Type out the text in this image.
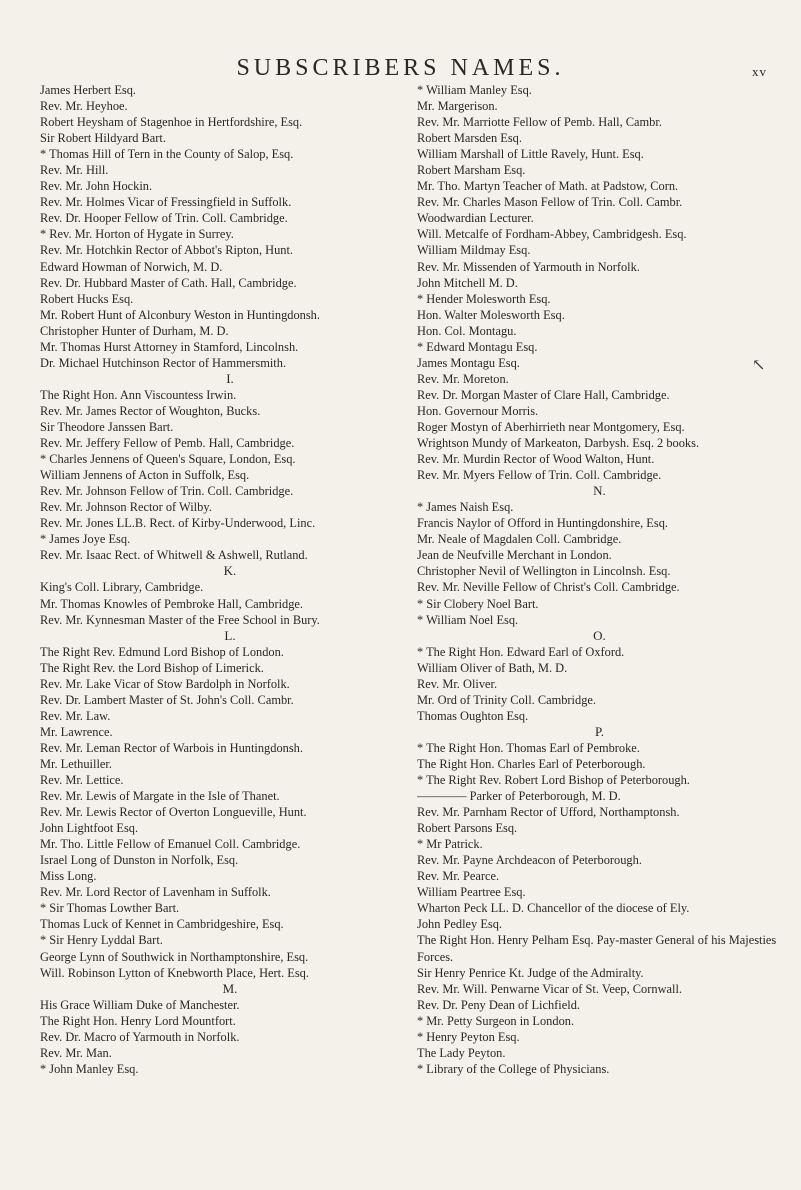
SUBSCRIBERS NAMES.	xv
↖
James Herbert Esq.
Rev. Mr. Heyhoe.
Robert Heysham of Stagenhoe in Hertfordshire, Esq.
Sir Robert Hildyard Bart.
* Thomas Hill of Tern in the County of Salop, Esq.
Rev. Mr. Hill.
Rev. Mr. John Hockin.
Rev. Mr. Holmes Vicar of Fressingfield in Suffolk.
Rev. Dr. Hooper Fellow of Trin. Coll. Cambridge.
* Rev. Mr. Horton of Hygate in Surrey.
Rev. Mr. Hotchkin Rector of Abbot's Ripton, Hunt.
Edward Howman of Norwich, M. D.
Rev. Dr. Hubbard Master of Cath. Hall, Cambridge.
Robert Hucks Esq.
Mr. Robert Hunt of Alconbury Weston in Huntingdonsh.
Christopher Hunter of Durham, M. D.
Mr. Thomas Hurst Attorney in Stamford, Lincolnsh.
Dr. Michael Hutchinson Rector of Hammersmith.
I.
The Right Hon. Ann Viscountess Irwin.
Rev. Mr. James Rector of Woughton, Bucks.
Sir Theodore Janssen Bart.
Rev. Mr. Jeffery Fellow of Pemb. Hall, Cambridge.
* Charles Jennens of Queen's Square, London, Esq.
William Jennens of Acton in Suffolk, Esq.
Rev. Mr. Johnson Fellow of Trin. Coll. Cambridge.
Rev. Mr. Johnson Rector of Wilby.
Rev. Mr. Jones LL.B. Rect. of Kirby-Underwood, Linc.
* James Joye Esq.
Rev. Mr. Isaac Rect. of Whitwell & Ashwell, Rutland.
K.
King's Coll. Library, Cambridge.
Mr. Thomas Knowles of Pembroke Hall, Cambridge.
Rev. Mr. Kynnesman Master of the Free School in Bury.
L.
The Right Rev. Edmund Lord Bishop of London.
The Right Rev. the Lord Bishop of Limerick.
Rev. Mr. Lake Vicar of Stow Bardolph in Norfolk.
Rev. Dr. Lambert Master of St. John's Coll. Cambr.
Rev. Mr. Law.
Mr. Lawrence.
Rev. Mr. Leman Rector of Warbois in Huntingdonsh.
Mr. Lethuiller.
Rev. Mr. Lettice.
Rev. Mr. Lewis of Margate in the Isle of Thanet.
Rev. Mr. Lewis Rector of Overton Longueville, Hunt.
John Lightfoot Esq.
Mr. Tho. Little Fellow of Emanuel Coll. Cambridge.
Israel Long of Dunston in Norfolk, Esq.
Miss Long.
Rev. Mr. Lord Rector of Lavenham in Suffolk.
* Sir Thomas Lowther Bart.
Thomas Luck of Kennet in Cambridgeshire, Esq.
* Sir Henry Lyddal Bart.
George Lynn of Southwick in Northamptonshire, Esq.
Will. Robinson Lytton of Knebworth Place, Hert. Esq.
M.
His Grace William Duke of Manchester.
The Right Hon. Henry Lord Mountfort.
Rev. Dr. Macro of Yarmouth in Norfolk.
Rev. Mr. Man.
* John Manley Esq.
* William Manley Esq.
Mr. Margerison.
Rev. Mr. Marriotte Fellow of Pemb. Hall, Cambr.
Robert Marsden Esq.
William Marshall of Little Ravely, Hunt. Esq.
Robert Marsham Esq.
Mr. Tho. Martyn Teacher of Math. at Padstow, Corn.
Rev. Mr. Charles Mason Fellow of Trin. Coll. Cambr.
Woodwardian Lecturer.
Will. Metcalfe of Fordham-Abbey, Cambridgesh. Esq.
William Mildmay Esq.
Rev. Mr. Missenden of Yarmouth in Norfolk.
John Mitchell M. D.
* Hender Molesworth Esq.
Hon. Walter Molesworth Esq.
Hon. Col. Montagu.
* Edward Montagu Esq.
James Montagu Esq.
Rev. Mr. Moreton.
Rev. Dr. Morgan Master of Clare Hall, Cambridge.
Hon. Governour Morris.
Roger Mostyn of Aberhirrieth near Montgomery, Esq.
Wrightson Mundy of Markeaton, Darbysh. Esq. 2 books.
Rev. Mr. Murdin Rector of Wood Walton, Hunt.
Rev. Mr. Myers Fellow of Trin. Coll. Cambridge.
N.
* James Naish Esq.
Francis Naylor of Offord in Huntingdonshire, Esq.
Mr. Neale of Magdalen Coll. Cambridge.
Jean de Neufville Merchant in London.
Christopher Nevil of Wellington in Lincolnsh. Esq.
Rev. Mr. Neville Fellow of Christ's Coll. Cambridge.
* Sir Clobery Noel Bart.
* William Noel Esq.
O.
* The Right Hon. Edward Earl of Oxford.
William Oliver of Bath, M. D.
Rev. Mr. Oliver.
Mr. Ord of Trinity Coll. Cambridge.
Thomas Oughton Esq.
P.
* The Right Hon. Thomas Earl of Pembroke.
The Right Hon. Charles Earl of Peterborough.
* The Right Rev. Robert Lord Bishop of Peterborough.
———— Parker of Peterborough, M. D.
Rev. Mr. Parnham Rector of Ufford, Northamptonsh.
Robert Parsons Esq.
* Mr Patrick.
Rev. Mr. Payne Archdeacon of Peterborough.
Rev. Mr. Pearce.
William Peartree Esq.
Wharton Peck LL. D. Chancellor of the diocese of Ely.
John Pedley Esq.
The Right Hon. Henry Pelham Esq. Pay-master General of his Majesties Forces.
Sir Henry Penrice Kt. Judge of the Admiralty.
Rev. Mr. Will. Penwarne Vicar of St. Veep, Cornwall.
Rev. Dr. Peny Dean of Lichfield.
* Mr. Petty Surgeon in London.
* Henry Peyton Esq.
The Lady Peyton.
* Library of the College of Physicians.
